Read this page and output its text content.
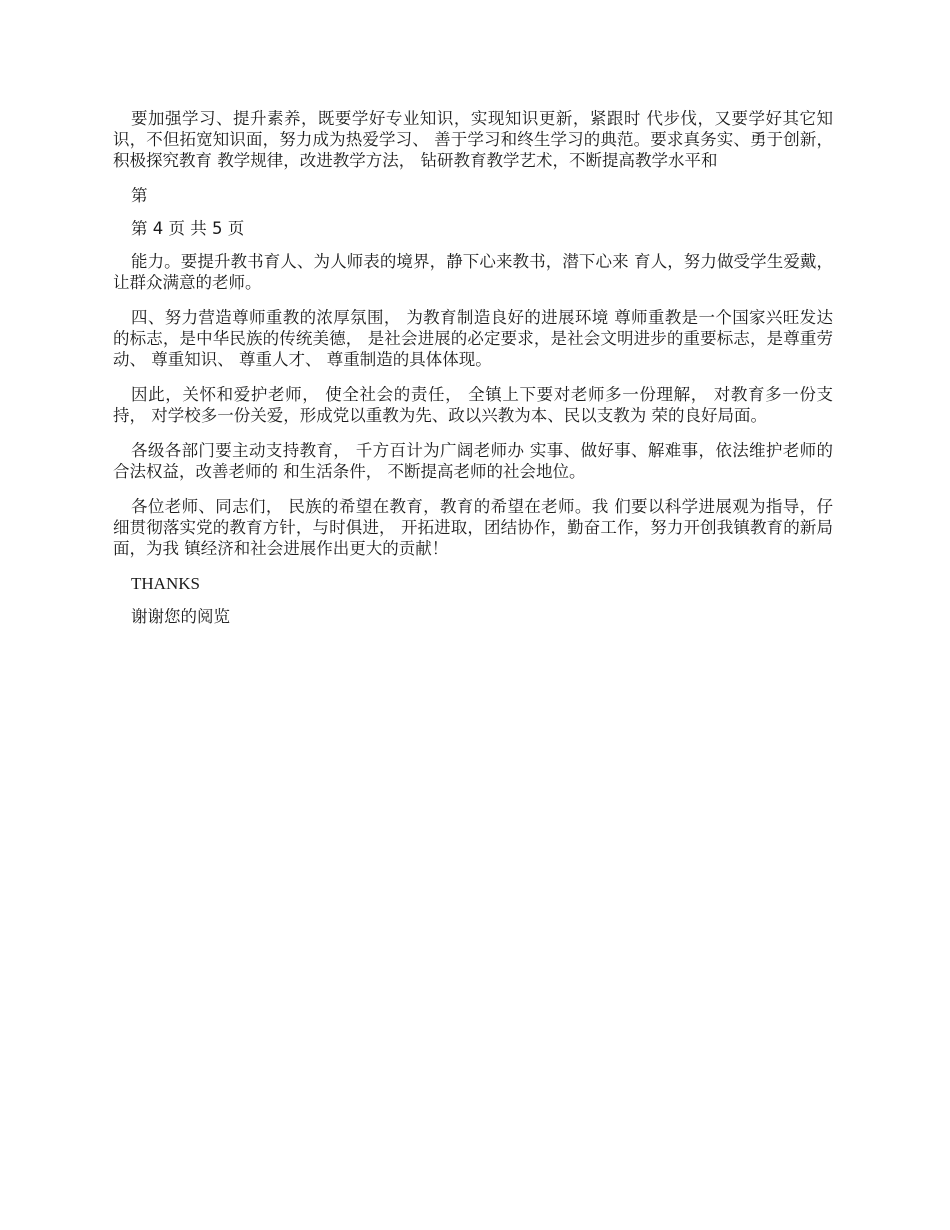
要加强学习、提升素养，既要学好专业知识，实现知识更新，紧跟时 代步伐，又要学好其它知识，不但拓宽知识面，努力成为热爱学习、 善于学习和终生学习的典范。要求真务实、勇于创新，积极探究教育 教学规律，改进教学方法， 钻研教育教学艺术，不断提高教学水平和

第

第 4 页 共 5 页

能力。要提升教书育人、为人师表的境界，静下心来教书，潜下心来 育人，努力做受学生爱戴，让群众满意的老师。

四、努力营造尊师重教的浓厚氛围， 为教育制造良好的进展环境 尊师重教是一个国家兴旺发达的标志，是中华民族的传统美德， 是社会进展的必定要求，是社会文明进步的重要标志，是尊重劳动、 尊重知识、 尊重人才、 尊重制造的具体体现。

因此，关怀和爱护老师， 使全社会的责任， 全镇上下要对老师多一份理解， 对教育多一份支持， 对学校多一份关爱，形成党以重教为先、政以兴教为本、民以支教为 荣的良好局面。

各级各部门要主动支持教育， 千方百计为广阔老师办 实事、做好事、解难事，依法维护老师的合法权益，改善老师的 和生活条件， 不断提高老师的社会地位。

各位老师、同志们， 民族的希望在教育，教育的希望在老师。我 们要以科学进展观为指导，仔细贯彻落实党的教育方针，与时俱进， 开拓进取，团结协作，勤奋工作，努力开创我镇教育的新局面，为我 镇经济和社会进展作出更大的贡献！

THANKS

谢谢您的阅览
